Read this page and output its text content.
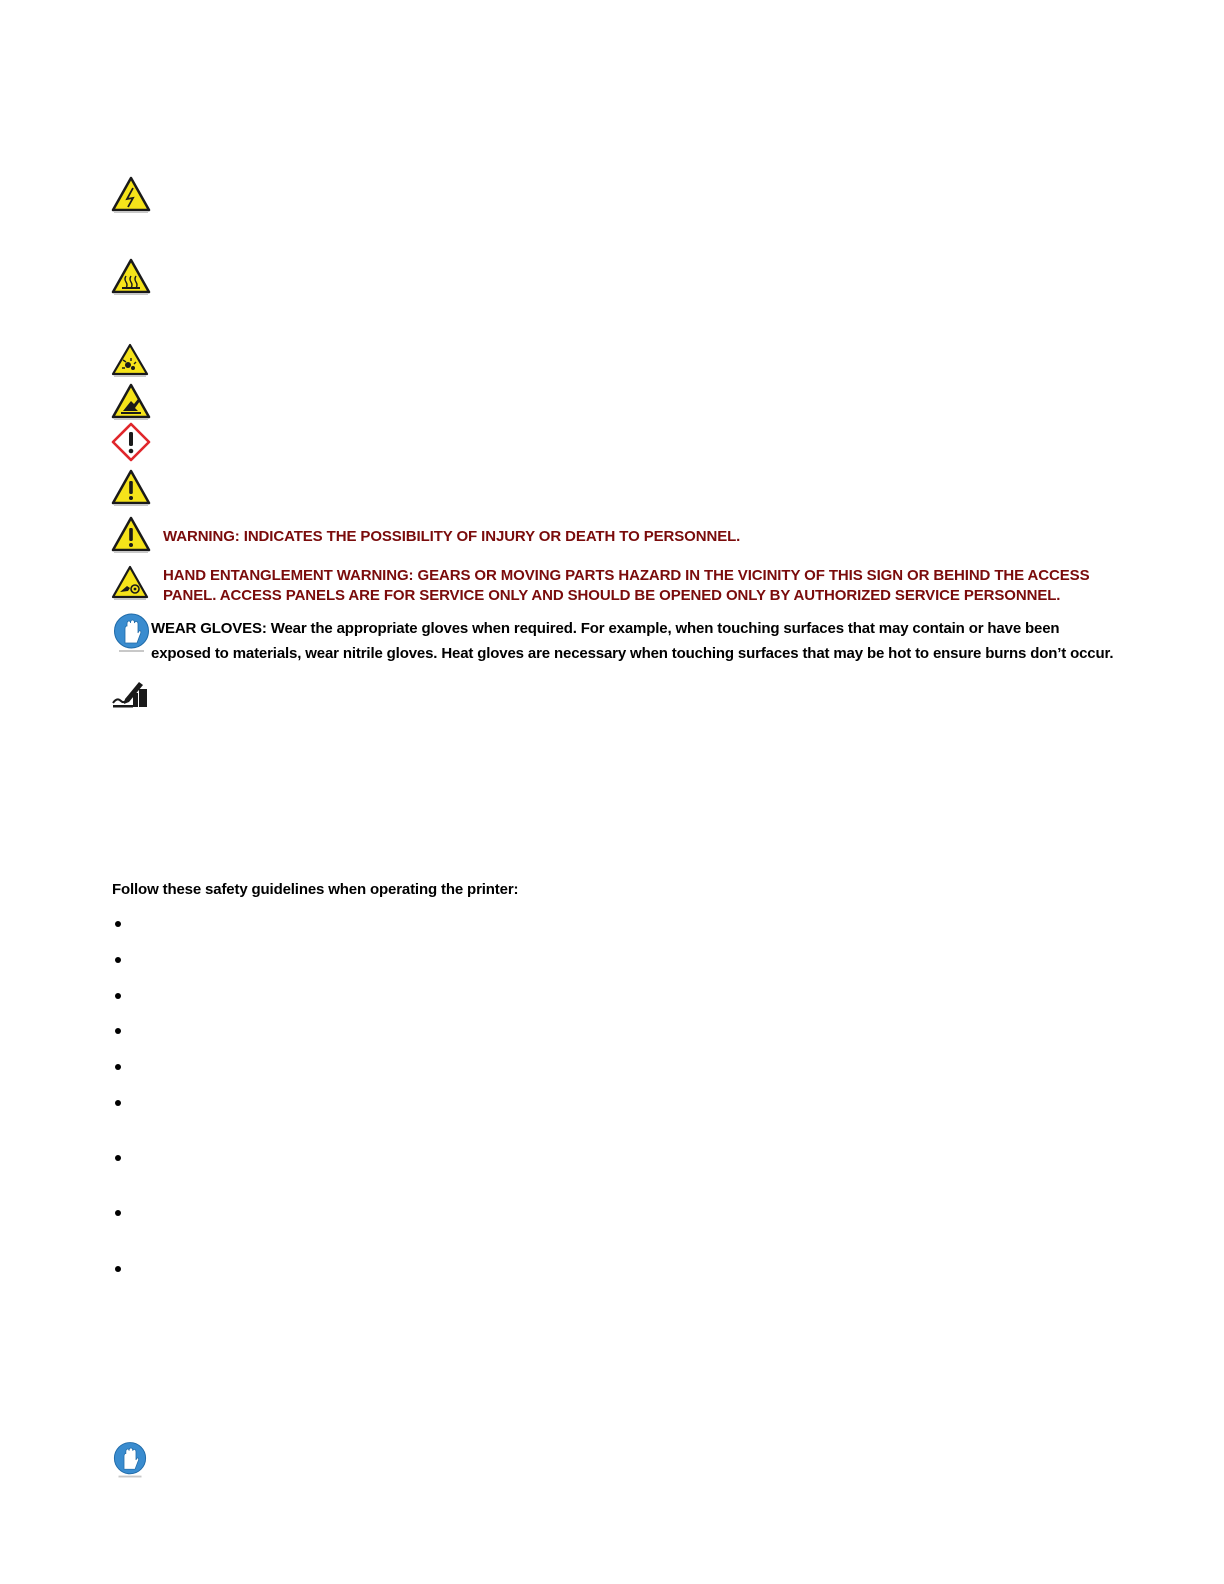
WARNING: INDICATES THE POSSIBILITY OF INJURY OR DEATH TO PERSONNEL.
HAND ENTANGLEMENT WARNING: GEARS OR MOVING PARTS HAZARD IN THE VICINITY OF THIS SIGN OR BEHIND THE ACCESS
PANEL. ACCESS PANELS ARE FOR SERVICE ONLY AND SHOULD BE OPENED ONLY BY AUTHORIZED SERVICE PERSONNEL.
WEAR GLOVES: Wear the appropriate gloves when required. For example, when touching surfaces that may contain or have been
exposed to materials, wear nitrile gloves. Heat gloves are necessary when touching surfaces that may be hot to ensure burns don’t occur.
Follow these safety guidelines when operating the printer:
